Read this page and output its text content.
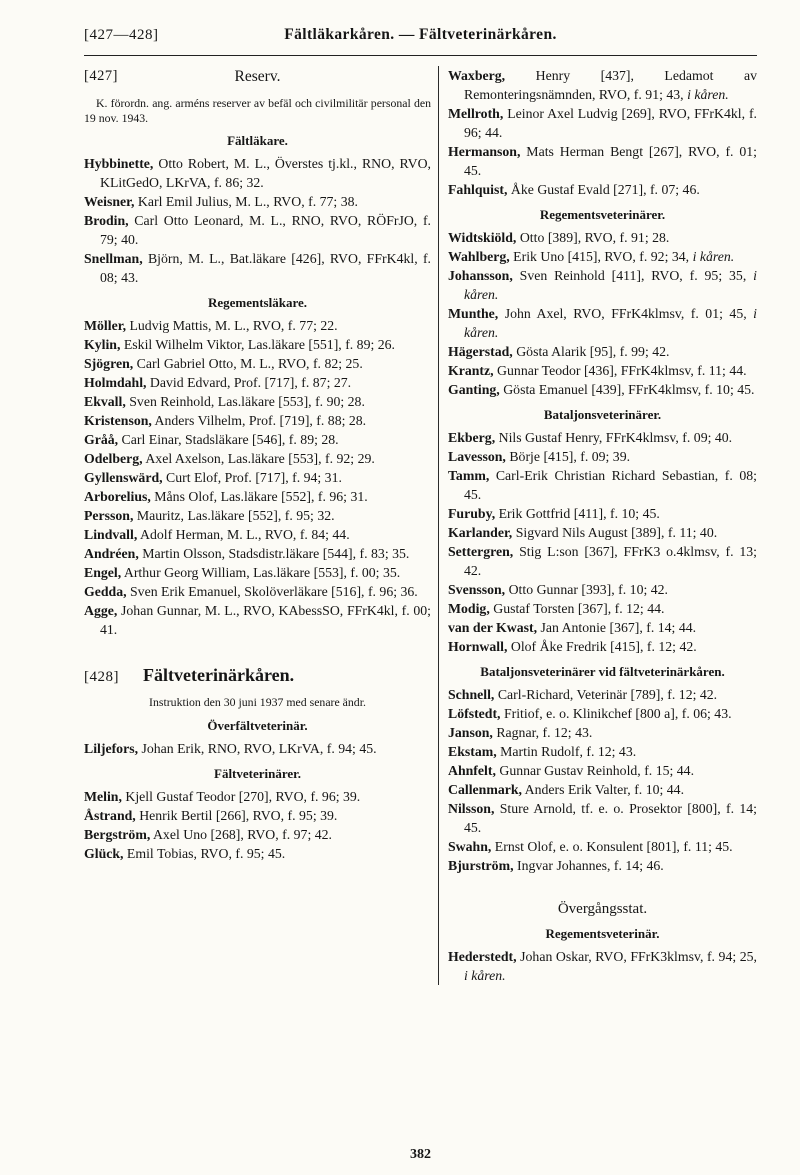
[427—428]	Fältläkarkåren. — Fältveterinärkåren.
[427]	Reserv.

K. förordn. ang. arméns reserver av befäl och civilmilitär personal den 19 nov. 1943.

Fältläkare.

Hybbinette, Otto Robert, M. L., Överstes tj.kl., RNO, RVO, KLitGedO, LKrVA, f. 86; 32.

Weisner, Karl Emil Julius, M. L., RVO, f. 77; 38.

Brodin, Carl Otto Leonard, M. L., RNO, RVO, RÖFrJO, f. 79; 40.

Snellman, Björn, M. L., Bat.läkare [426], RVO, FFrK4kl, f. 08; 43.

Regementsläkare.

Möller, Ludvig Mattis, M. L., RVO, f. 77; 22.

Kylin, Eskil Wilhelm Viktor, Las.läkare [551], f. 89; 26.

Sjögren, Carl Gabriel Otto, M. L., RVO, f. 82; 25.

Holmdahl, David Edvard, Prof. [717], f. 87; 27.

Ekvall, Sven Reinhold, Las.läkare [553], f. 90; 28.

Kristenson, Anders Vilhelm, Prof. [719], f. 88; 28.

Gråå, Carl Einar, Stadsläkare [546], f. 89; 28.

Odelberg, Axel Axelson, Las.läkare [553], f. 92; 29.

Gyllenswärd, Curt Elof, Prof. [717], f. 94; 31.

Arborelius, Måns Olof, Las.läkare [552], f. 96; 31.

Persson, Mauritz, Las.läkare [552], f. 95; 32.

Lindvall, Adolf Herman, M. L., RVO, f. 84; 44.

Andréen, Martin Olsson, Stadsdistr.läkare [544], f. 83; 35.

Engel, Arthur Georg William, Las.läkare [553], f. 00; 35.

Gedda, Sven Erik Emanuel, Skolöverläkare [516], f. 96; 36.

Agge, Johan Gunnar, M. L., RVO, KAbessSO, FFrK4kl, f. 00; 41.

[428] Fältveterinärkåren.

Instruktion den 30 juni 1937 med senare ändr.

Överfältveterinär.

Liljefors, Johan Erik, RNO, RVO, LKrVA, f. 94; 45.

Fältveterinärer.

Melin, Kjell Gustaf Teodor [270], RVO, f. 96; 39.

Åstrand, Henrik Bertil [266], RVO, f. 95; 39.

Bergström, Axel Uno [268], RVO, f. 97; 42.

Glück, Emil Tobias, RVO, f. 95; 45.

Waxberg, Henry [437], Ledamot av Remonteringsnämnden, RVO, f. 91; 43, i kåren.

Mellroth, Leinor Axel Ludvig [269], RVO, FFrK4kl, f. 96; 44.

Hermanson, Mats Herman Bengt [267], RVO, f. 01; 45.

Fahlquist, Åke Gustaf Evald [271], f. 07; 46.

Regementsveterinärer.

Widtskiöld, Otto [389], RVO, f. 91; 28.

Wahlberg, Erik Uno [415], RVO, f. 92; 34, i kåren.

Johansson, Sven Reinhold [411], RVO, f. 95; 35, i kåren.

Munthe, John Axel, RVO, FFrK4klmsv, f. 01; 45, i kåren.

Hägerstad, Gösta Alarik [95], f. 99; 42.

Krantz, Gunnar Teodor [436], FFrK4klmsv, f. 11; 44.

Ganting, Gösta Emanuel [439], FFrK4klmsv, f. 10; 45.

Bataljonsveterinärer.

Ekberg, Nils Gustaf Henry, FFrK4klmsv, f. 09; 40.

Lavesson, Börje [415], f. 09; 39.

Tamm, Carl-Erik Christian Richard Sebastian, f. 08; 45.

Furuby, Erik Gottfrid [411], f. 10; 45.

Karlander, Sigvard Nils August [389], f. 11; 40.

Settergren, Stig L:son [367], FFrK3 o.4klmsv, f. 13; 42.

Svensson, Otto Gunnar [393], f. 10; 42.

Modig, Gustaf Torsten [367], f. 12; 44.

van der Kwast, Jan Antonie [367], f. 14; 44.

Hornwall, Olof Åke Fredrik [415], f. 12; 42.

Bataljonsveterinärer vid fältveterinärkåren.

Schnell, Carl-Richard, Veterinär [789], f. 12; 42.

Löfstedt, Fritiof, e. o. Klinikchef [800 a], f. 06; 43.

Janson, Ragnar, f. 12; 43.

Ekstam, Martin Rudolf, f. 12; 43.

Ahnfelt, Gunnar Gustav Reinhold, f. 15; 44.

Callenmark, Anders Erik Valter, f. 10; 44.

Nilsson, Sture Arnold, tf. e. o. Prosektor [800], f. 14; 45.

Swahn, Ernst Olof, e. o. Konsulent [801], f. 11; 45.

Bjurström, Ingvar Johannes, f. 14; 46.

Övergångsstat.
Regementsveterinär.

Hederstedt, Johan Oskar, RVO, FFrK3klmsv, f. 94; 25, i kåren.

382
